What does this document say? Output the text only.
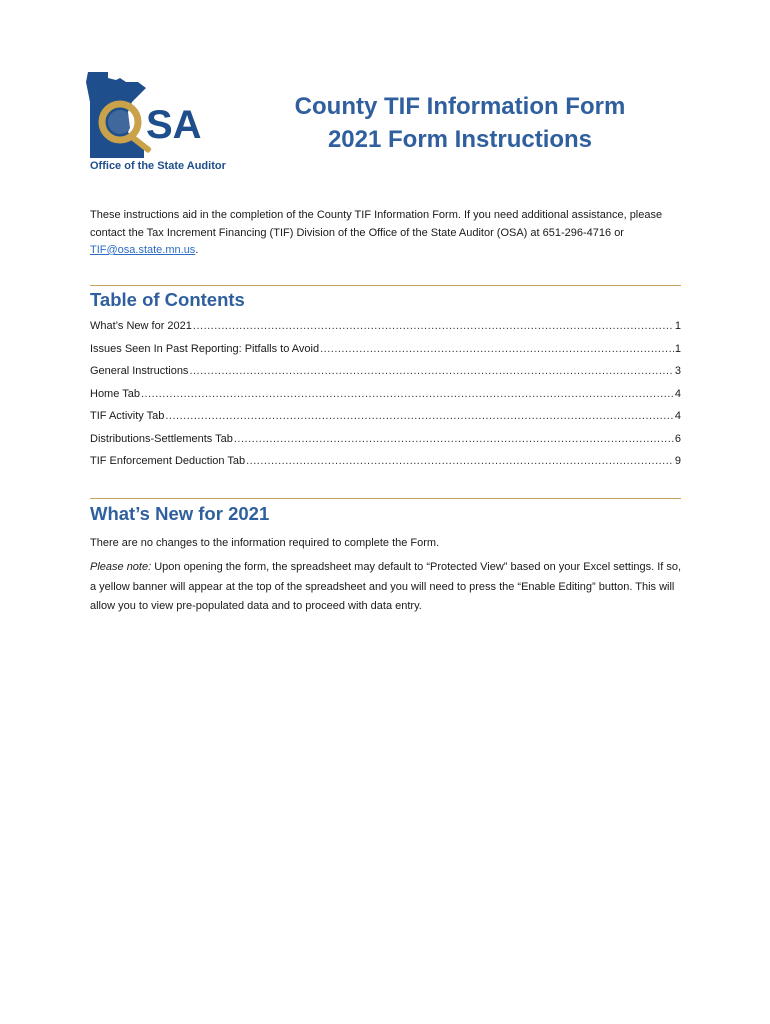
SA
Office of the State Auditor
County TIF Information Form
2021 Form Instructions
These instructions aid in the completion of the County TIF Information Form. If you need additional assistance, please contact the Tax Increment Financing (TIF) Division of the Office of the State Auditor (OSA) at 651-296-4716 or TIF@osa.state.mn.us.
Table of Contents
What’s New for 2021 .....	1
Issues Seen In Past Reporting: Pitfalls to Avoid .....	1
General Instructions .....	3
Home Tab .....	4
TIF Activity Tab .....	4
Distributions-Settlements Tab .....	6
TIF Enforcement Deduction Tab .....	9
What’s New for 2021
There are no changes to the information required to complete the Form.
Please note: Upon opening the form, the spreadsheet may default to “Protected View” based on your Excel settings. If so, a yellow banner will appear at the top of the spreadsheet and you will need to press the “Enable Editing” button. This will allow you to view pre-populated data and to proceed with data entry.
